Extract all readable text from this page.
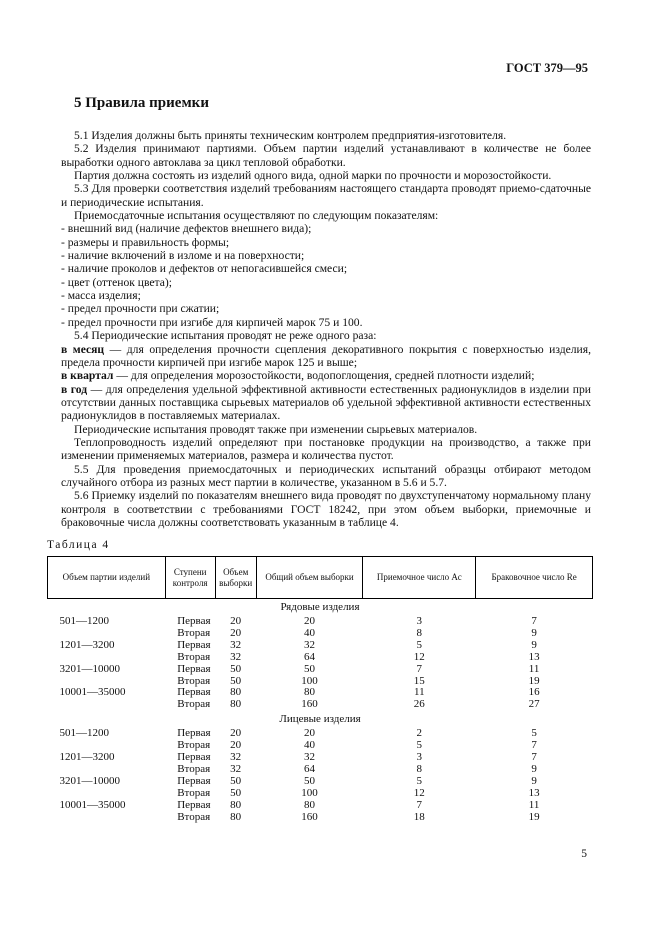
ГОСТ 379—95
5 Правила приемки

5.1 Изделия должны быть приняты техническим контролем предприятия-изготовителя.

5.2 Изделия принимают партиями. Объем партии изделий устанавливают в количестве не более выработки одного автоклава за цикл тепловой обработки.

Партия должна состоять из изделий одного вида, одной марки по прочности и морозостойкости.

5.3 Для проверки соответствия изделий требованиям настоящего стандарта проводят приемо-сдаточные и периодические испытания.

Приемосдаточные испытания осуществляют по следующим показателям:

- внешний вид (наличие дефектов внешнего вида);

- размеры и правильность формы;

- наличие включений в изломе и на поверхности;

- наличие проколов и дефектов от непогасившейся смеси;

- цвет (оттенок цвета);

- масса изделия;

- предел прочности при сжатии;

- предел прочности при изгибе для кирпичей марок 75 и 100.

5.4 Периодические испытания проводят не реже одного раза:

в месяц — для определения прочности сцепления декоративного покрытия с поверхностью изделия, предела прочности кирпичей при изгибе марок 125 и выше;

в квартал — для определения морозостойкости, водопоглощения, средней плотности изделий;

в год — для определения удельной эффективной активности естественных радионуклидов в изделии при отсутствии данных поставщика сырьевых материалов об удельной эффективной активности естественных радионуклидов в поставляемых материалах.

Периодические испытания проводят также при изменении сырьевых материалов.

Теплопроводность изделий определяют при постановке продукции на производство, а также при изменении применяемых материалов, размера и количества пустот.

5.5 Для проведения приемосдаточных и периодических испытаний образцы отбирают методом случайного отбора из разных мест партии в количестве, указанном в 5.6 и 5.7.

5.6 Приемку изделий по показателям внешнего вида проводят по двухступенчатому нормальному плану контроля в соответствии с требованиями ГОСТ 18242, при этом объем выборки, приемочные и браковочные числа должны соответствовать указанным в таблице 4.

Таблица 4
Объем партии изделий	Ступени контроля	Объем выборки	Общий объем выборки	Приемочное число Ас	Браковочное число Re
Рядовые изделия					
501—1200	Первая	20	20	3	7
	Вторая	20	40	8	9
1201—3200	Первая	32	32	5	9
	Вторая	32	64	12	13
3201—10000	Первая	50	50	7	11
	Вторая	50	100	15	19
10001—35000	Первая	80	80	11	16
	Вторая	80	160	26	27
Лицевые изделия					
501—1200	Первая	20	20	2	5
	Вторая	20	40	5	7
1201—3200	Первая	32	32	3	7
	Вторая	32	64	8	9
3201—10000	Первая	50	50	5	9
	Вторая	50	100	12	13
10001—35000	Первая	80	80	7	11
	Вторая	80	160	18	19
5
